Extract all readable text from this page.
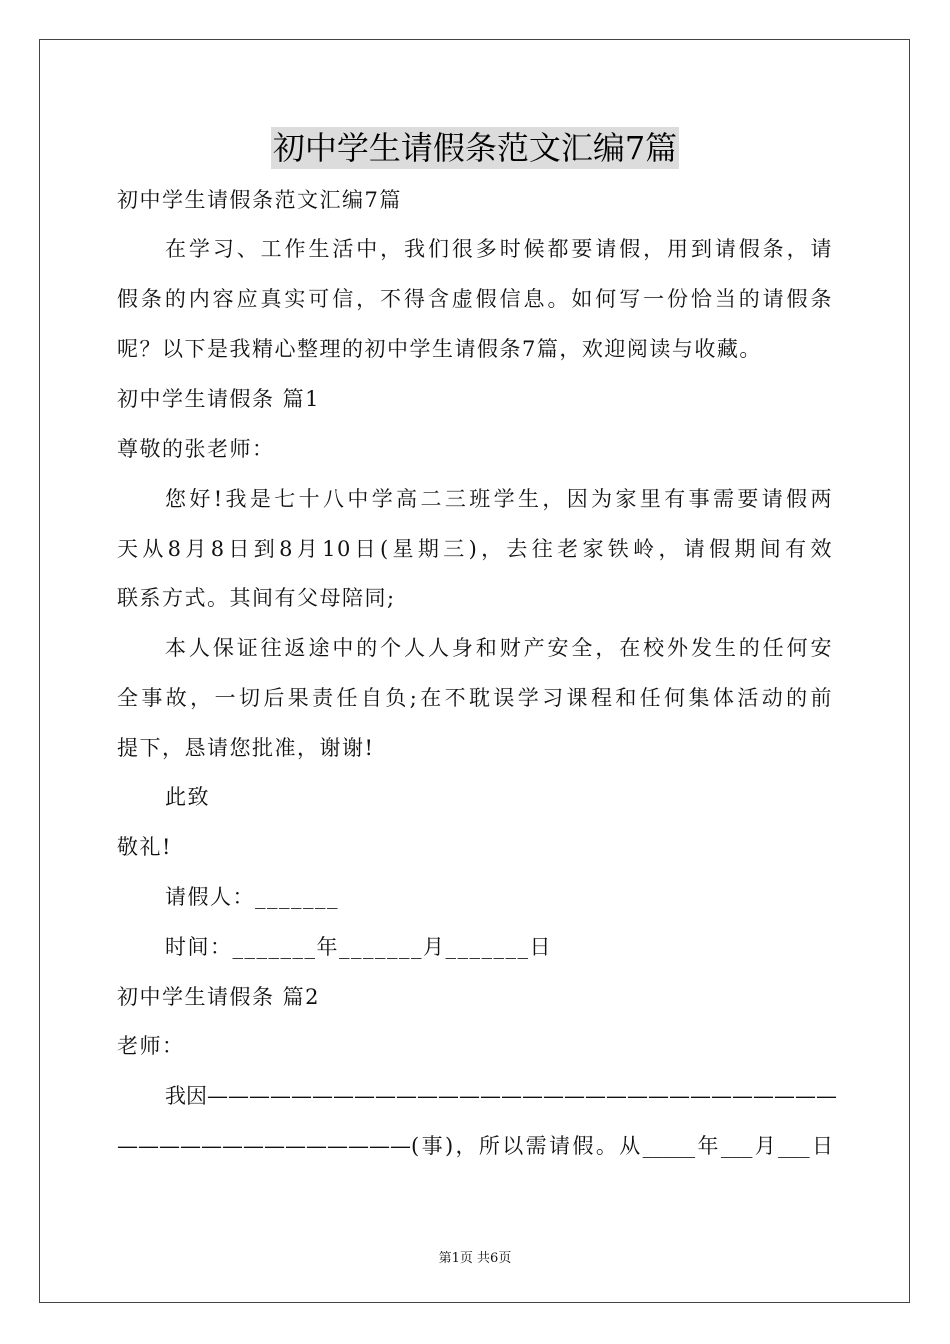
初中学生请假条范文汇编7篇
初中学生请假条范文汇编7篇
在学习、工作生活中，我们很多时候都要请假，用到请假条，请
假条的内容应真实可信，不得含虚假信息。如何写一份恰当的请假条
呢？以下是我精心整理的初中学生请假条7篇，欢迎阅读与收藏。
初中学生请假条 篇1
尊敬的张老师：
您好!我是七十八中学高二三班学生，因为家里有事需要请假两
天从8月8日到8月10日(星期三)，去往老家铁岭，请假期间有效
联系方式。其间有父母陪同;
本人保证往返途中的个人人身和财产安全，在校外发生的任何安
全事故，一切后果责任自负;在不耽误学习课程和任何集体活动的前
提下，恳请您批准，谢谢!
此致
敬礼!
请假人：_______
时间：_______年_______月_______日
初中学生请假条 篇2
老师：
我因——————————————————————————————
——————————————(事)，所以需请假。从_____年___月___日
第1页 共6页
